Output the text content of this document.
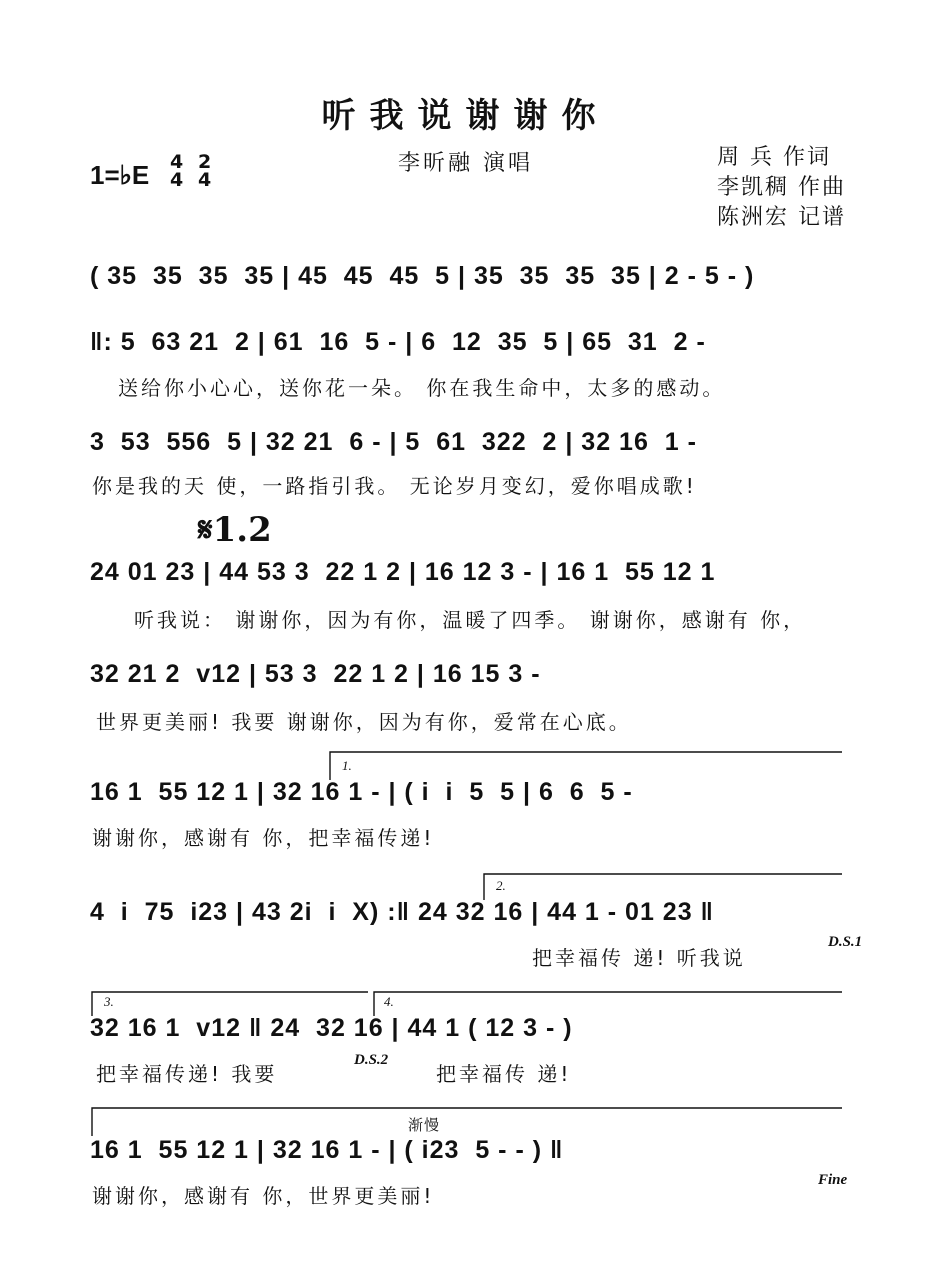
听我说谢谢你
李昕融 演唱	周 兵 作词
李凯稠 作曲
陈洲宏 记谱
1=♭E 4
4
2
4
( 35  35  35  35 | 45  45  45  5 | 35  35  35  35 | 2 - 5 - )
‖: 5  63 21  2 | 61  16  5 - | 6  12  35  5 | 65  31  2 -
送给你小心心，送你花一朵。 你在我生命中，太多的感动。
3  53  556  5 | 32 21  6 - | 5  61  322  2 | 32 16  1 -
你是我的天 使，一路指引我。 无论岁月变幻，爱你唱成歌!
𝄋1.2
24 01 23 | 44 53 3  22 1 2 | 16 12 3 - | 16 1  55 12 1
听我说： 谢谢你，因为有你，温暖了四季。 谢谢你，感谢有 你，
32 21 2  v12 | 53 3  22 1 2 | 16 15 3 -
世界更美丽! 我要 谢谢你，因为有你，爱常在心底。
1.
16 1  55 12 1 | 32 16 1 - | ( i  i  5  5 | 6  6  5 -
谢谢你，感谢有 你，把幸福传递!
2.
4  i  75  i23 | 43 2i  i  X) :‖ 24 32 16 | 44 1 - 01 23 ‖
把幸福传 递! 听我说
D.S.1
3.	4.
32 16 1  v12 ‖ 24  32 16 | 44 1 ( 12 3 - )
把幸福传递! 我要
D.S.2
把幸福传 递!
渐慢
16 1  55 12 1 | 32 16 1 - | ( i23  5 - - ) ‖
谢谢你，感谢有 你，世界更美丽!
Fine
